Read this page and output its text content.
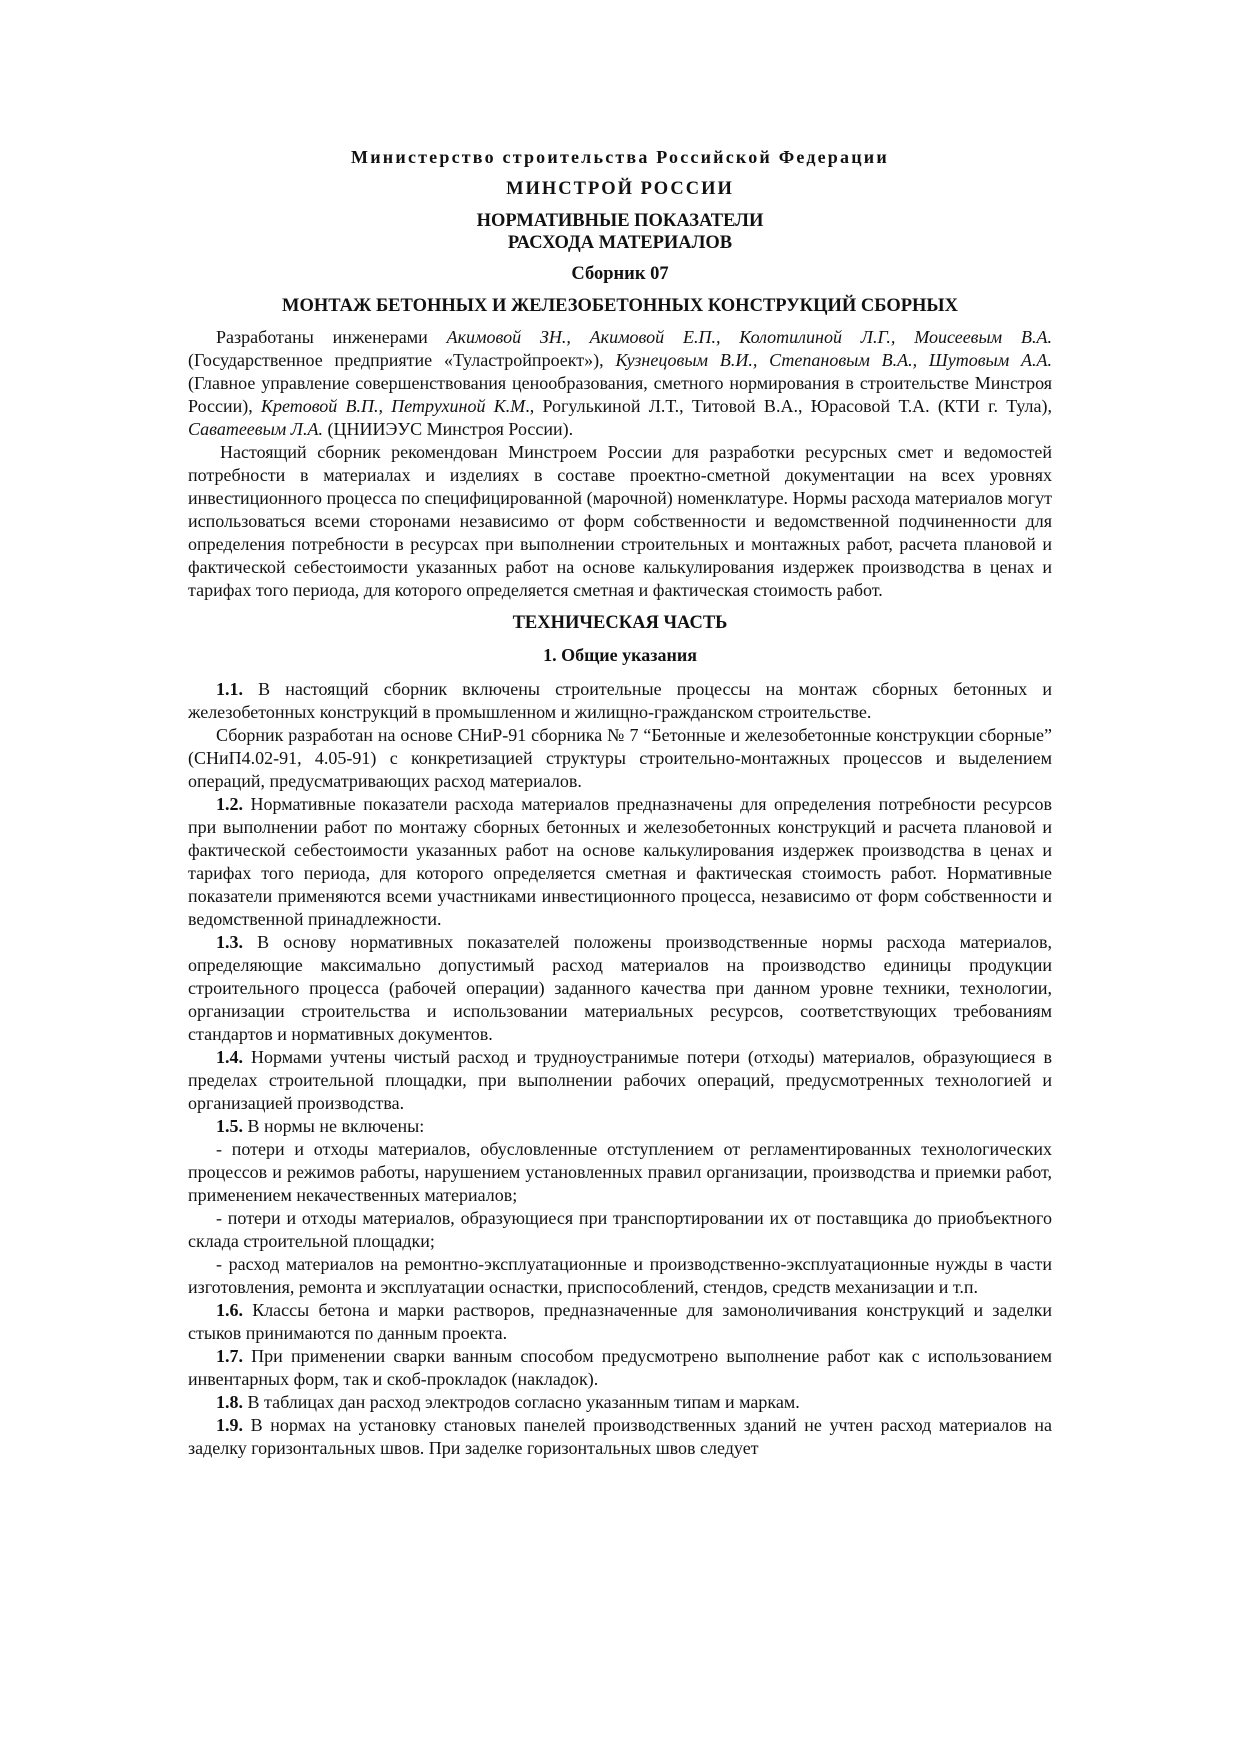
Министерство строительства Российской Федерации
МИНСТРОЙ РОССИИ
НОРМАТИВНЫЕ ПОКАЗАТЕЛИ
РАСХОДА МАТЕРИАЛОВ
Сборник 07
МОНТАЖ БЕТОННЫХ И ЖЕЛЕЗОБЕТОННЫХ КОНСТРУКЦИЙ СБОРНЫХ

Разработаны инженерами Акимовой ЗН., Акимовой Е.П., Колотилиной Л.Г., Моисеевым В.А. (Государственное предприятие «Туластройпроект»), Кузнецовым В.И., Степановым В.А., Шутовым А.А. (Главное управление совершенствования ценообразования, сметного нормирования в строительстве Минстроя России), Кретовой В.П., Петрухиной К.М., Рогулькиной Л.Т., Титовой В.А., Юрасовой Т.А. (КТИ г. Тула), Саватеевым Л.А. (ЦНИИЭУС Минстроя России).

Настоящий сборник рекомендован Минстроем России для разработки ресурсных смет и ведомостей потребности в материалах и изделиях в составе проектно-сметной документации на всех уровнях инвестиционного процесса по специфицированной (марочной) номенклатуре. Нормы расхода материалов могут использоваться всеми сторонами независимо от форм собственности и ведомственной подчиненности для определения потребности в ресурсах при выполнении строительных и монтажных работ, расчета плановой и фактической себестоимости указанных работ на основе калькулирования издержек производства в ценах и тарифах того периода, для которого определяется сметная и фактическая стоимость работ.

ТЕХНИЧЕСКАЯ ЧАСТЬ
1. Общие указания

1.1. В настоящий сборник включены строительные процессы на монтаж сборных бетонных и железобетонных конструкций в промышленном и жилищно-гражданском строительстве.

Сборник разработан на основе СНиР-91 сборника № 7 “Бетонные и железобетонные конструкции сборные” (СНиП4.02-91, 4.05-91) с конкретизацией структуры строительно-монтажных процессов и выделением операций, предусматривающих расход материалов.

1.2. Нормативные показатели расхода материалов предназначены для определения потребности ресурсов при выполнении работ по монтажу сборных бетонных и железобетонных конструкций и расчета плановой и фактической себестоимости указанных работ на основе калькулирования издержек производства в ценах и тарифах того периода, для которого определяется сметная и фактическая стоимость работ. Нормативные показатели применяются всеми участниками инвестиционного процесса, независимо от форм собственности и ведомственной принадлежности.

1.3. В основу нормативных показателей положены производственные нормы расхода материалов, определяющие максимально допустимый расход материалов на производство единицы продукции строительного процесса (рабочей операции) заданного качества при данном уровне техники, технологии, организации строительства и использовании материальных ресурсов, соответствующих требованиям стандартов и нормативных документов.

1.4. Нормами учтены чистый расход и трудноустранимые потери (отходы) материалов, образующиеся в пределах строительной площадки, при выполнении рабочих операций, предусмотренных технологией и организацией производства.

1.5. В нормы не включены:

- потери и отходы материалов, обусловленные отступлением от регламентированных технологических процессов и режимов работы, нарушением установленных правил организации, производства и приемки работ, применением некачественных материалов;

- потери и отходы материалов, образующиеся при транспортировании их от поставщика до приобъектного склада строительной площадки;

- расход материалов на ремонтно-эксплуатационные и производственно-эксплуатационные нужды в части изготовления, ремонта и эксплуатации оснастки, приспособлений, стендов, средств механизации и т.п.

1.6. Классы бетона и марки растворов, предназначенные для замоноличивания конструкций и заделки стыков принимаются по данным проекта.

1.7. При применении сварки ванным способом предусмотрено выполнение работ как с использованием инвентарных форм, так и скоб-прокладок (накладок).

1.8. В таблицах дан расход электродов согласно указанным типам и маркам.

1.9. В нормах на установку становых панелей производственных зданий не учтен расход материалов на заделку горизонтальных швов. При заделке горизонтальных швов следует
